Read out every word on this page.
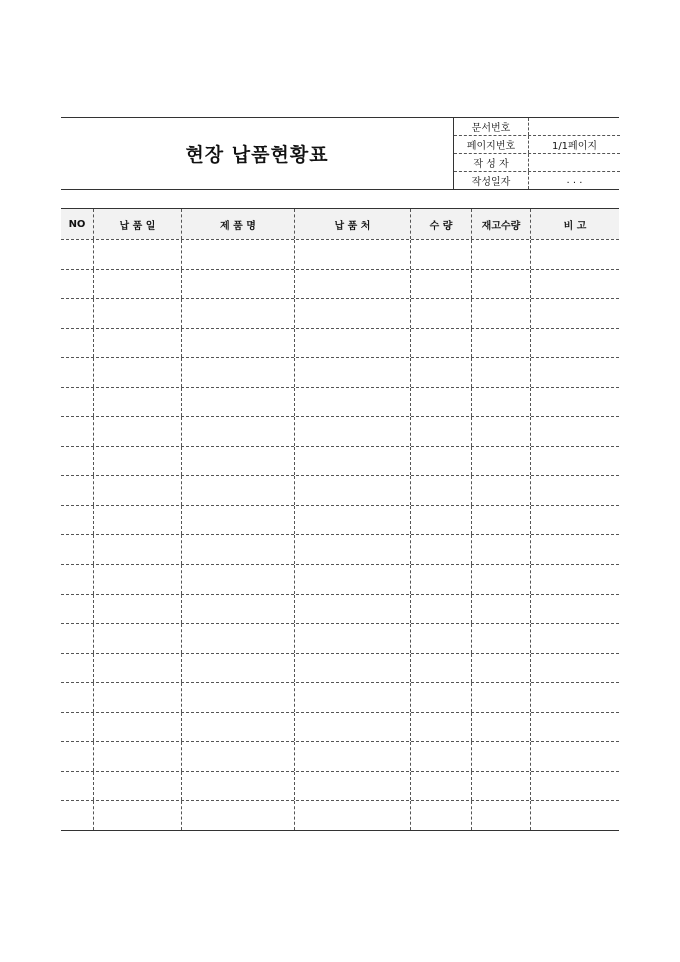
현장 납품현황표
문서번호
페이지번호	1/1페이지
작 성 자
작성일자	. . .
NO	납 품 일	제 품 명	납 품 처	수 량	재고수량	비 고
